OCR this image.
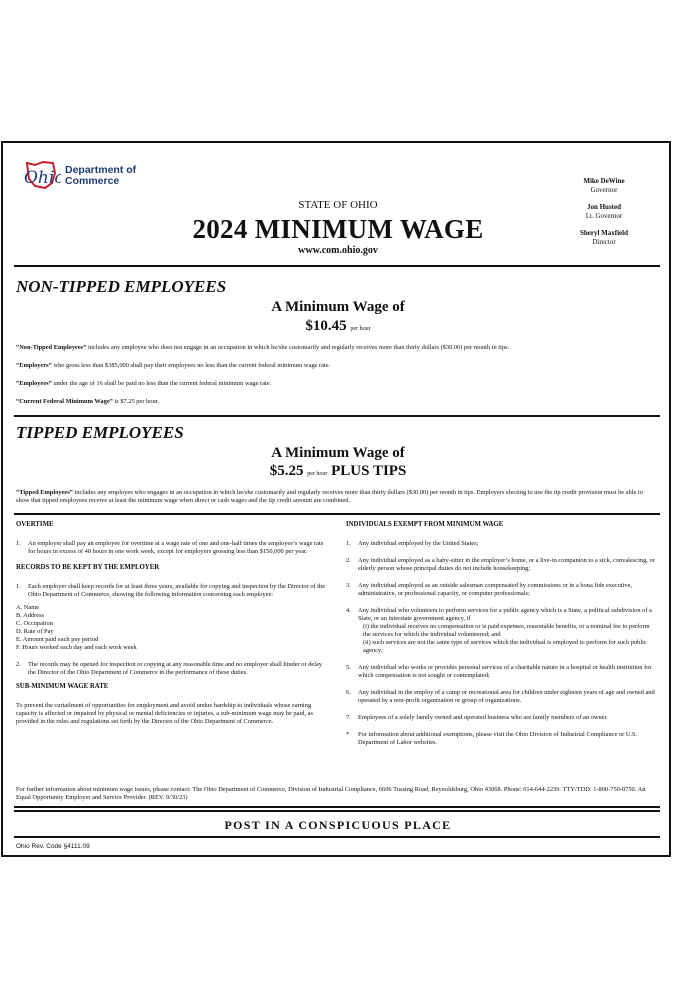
Ohio Department of
Commerce	Mike DeWine
Governor
Jon Husted
Lt. Governor
Sheryl Maxfield
Director
STATE OF OHIO
2024 MINIMUM WAGE
www.com.ohio.gov
NON-TIPPED EMPLOYEES
A Minimum Wage of
$10.45 per hour
“Non-Tipped Employees” includes any employee who does not engage in an occupation in which he/she customarily and regularly receives more than thirty dollars ($30.00) per month in tips.
“Employers” who gross less than $385,000 shall pay their employees no less than the current federal minimum wage rate.
“Employees” under the age of 16 shall be paid no less than the current federal minimum wage rate.
“Current Federal Minimum Wage” is $7.25 per hour.
TIPPED EMPLOYEES
A Minimum Wage of
$5.25 per hour PLUS TIPS
“Tipped Employees” includes any employee who engages in an occupation in which he/she customarily and regularly receives more than thirty dollars ($30.00) per month in tips. Employers electing to use the tip credit provision must be able to show that tipped employees receive at least the minimum wage when direct or cash wages and the tip credit amount are combined.
OVERTIME
1.	An employer shall pay an employee for overtime at a wage rate of one and one-half times the employee’s wage rate for hours in excess of 40 hours in one work week, except for employers grossing less than $150,000 per year.
RECORDS TO BE KEPT BY THE EMPLOYER
1.	Each employer shall keep records for at least three years, available for copying and inspection by the Director of the Ohio Department of Commerce, showing the following information concerning each employee:
A. Name
B. Address
C. Occupation
D. Rate of Pay
E. Amount paid each pay period
F. Hours worked each day and each work week
2.	The records may be opened for inspection or copying at any reasonable time and no employer shall hinder or delay the Director of the Ohio Department of Commerce in the performance of these duties.
SUB-MINIMUM WAGE RATE

To prevent the curtailment of opportunities for employment and avoid undue hardship to individuals whose earning capacity is affected or impaired by physical or mental deficiencies or injuries, a sub-minimum wage may be paid, as provided in the rules and regulations set forth by the Director of the Ohio Department of Commerce.

INDIVIDUALS EXEMPT FROM MINIMUM WAGE
1.	Any individual employed by the United States;
2.	Any individual employed as a baby-sitter in the employer’s home, or a live-in companion to a sick, convalescing, or elderly person whose principal duties do not include housekeeping;
3.	Any individual employed as an outside salesman compensated by commissions or in a bona fide executive, administrative, or professional capacity, or computer professionals;
4.	Any individual who volunteers to perform services for a public agency which is a State, a political subdivision of a State, or an interstate government agency, if
(i) the individual receives no compensation or is paid expenses, reasonable benefits, or a nominal fee to perform the services for which the individual volunteered; and
(ii) such services are not the same type of services which the individual is employed to perform for such public agency;
5.	Any individual who works or provides personal services of a charitable nature in a hospital or health institution for which compensation is not sought or contemplated;
6.	Any individual in the employ of a camp or recreational area for children under eighteen years of age and owned and operated by a non-profit organization or group of organizations.
7.	Employees of a solely family owned and operated business who are family members of an owner.
*	For information about additional exemptions, please visit the Ohio Division of Industrial Compliance or U.S. Department of Labor websites.
For further information about minimum wage issues, please contact: The Ohio Department of Commerce, Division of Industrial Compliance, 6606 Tussing Road, Reynoldsburg, Ohio 43068. Phone: 614-644-2239. TTY/TDD: 1-800-750-0750. An Equal Opportunity Employer and Service Provider. (REV. 9/30/23)
POST IN A CONSPICUOUS PLACE
Ohio Rev. Code §4111.09
